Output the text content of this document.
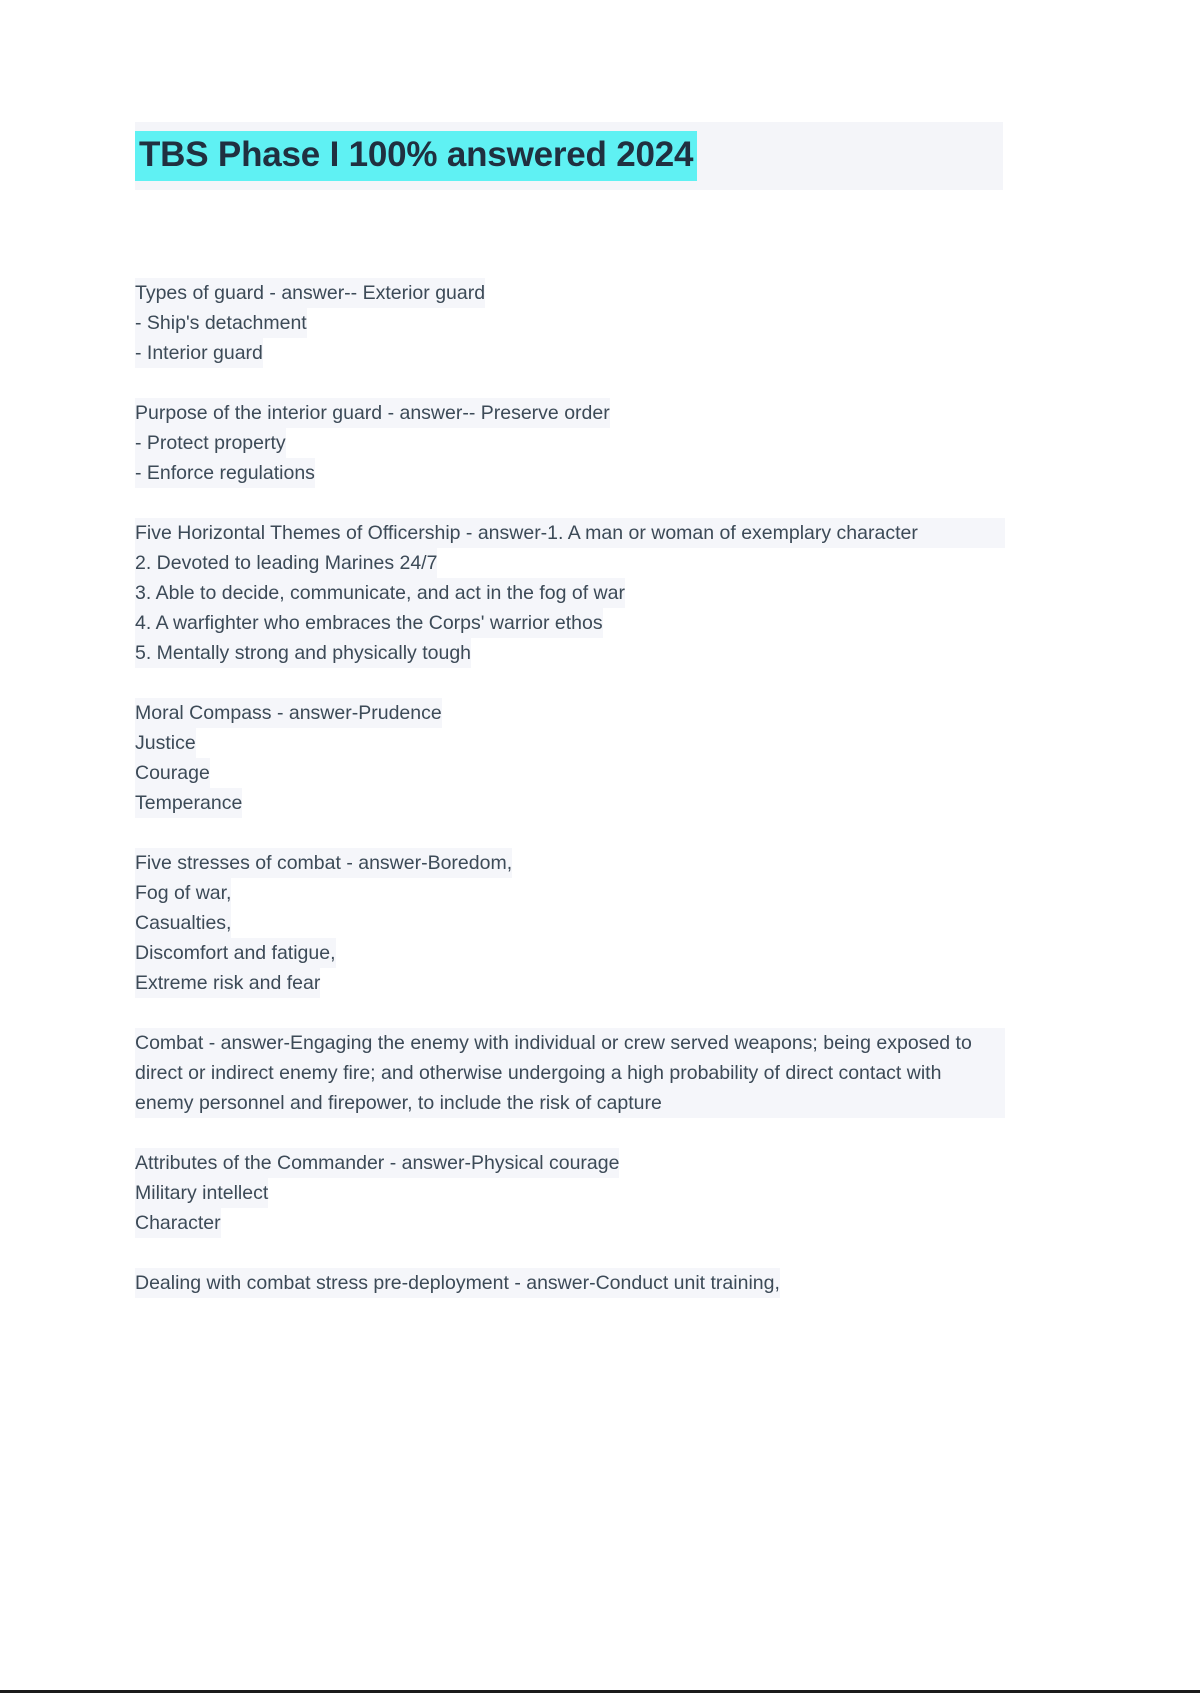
TBS Phase I 100% answered 2024
Types of guard - answer-- Exterior guard
- Ship's detachment
- Interior guard
Purpose of the interior guard - answer-- Preserve order
- Protect property
- Enforce regulations
Five Horizontal Themes of Officership - answer-1. A man or woman of exemplary character
2. Devoted to leading Marines 24/7
3. Able to decide, communicate, and act in the fog of war
4. A warfighter who embraces the Corps' warrior ethos
5. Mentally strong and physically tough
Moral Compass - answer-Prudence
Justice
Courage
Temperance
Five stresses of combat - answer-Boredom,
Fog of war,
Casualties,
Discomfort and fatigue,
Extreme risk and fear
Combat - answer-Engaging the enemy with individual or crew served weapons; being exposed to direct or indirect enemy fire; and otherwise undergoing a high probability of direct contact with enemy personnel and firepower, to include the risk of capture
Attributes of the Commander - answer-Physical courage
Military intellect
Character
Dealing with combat stress pre-deployment - answer-Conduct unit training,
